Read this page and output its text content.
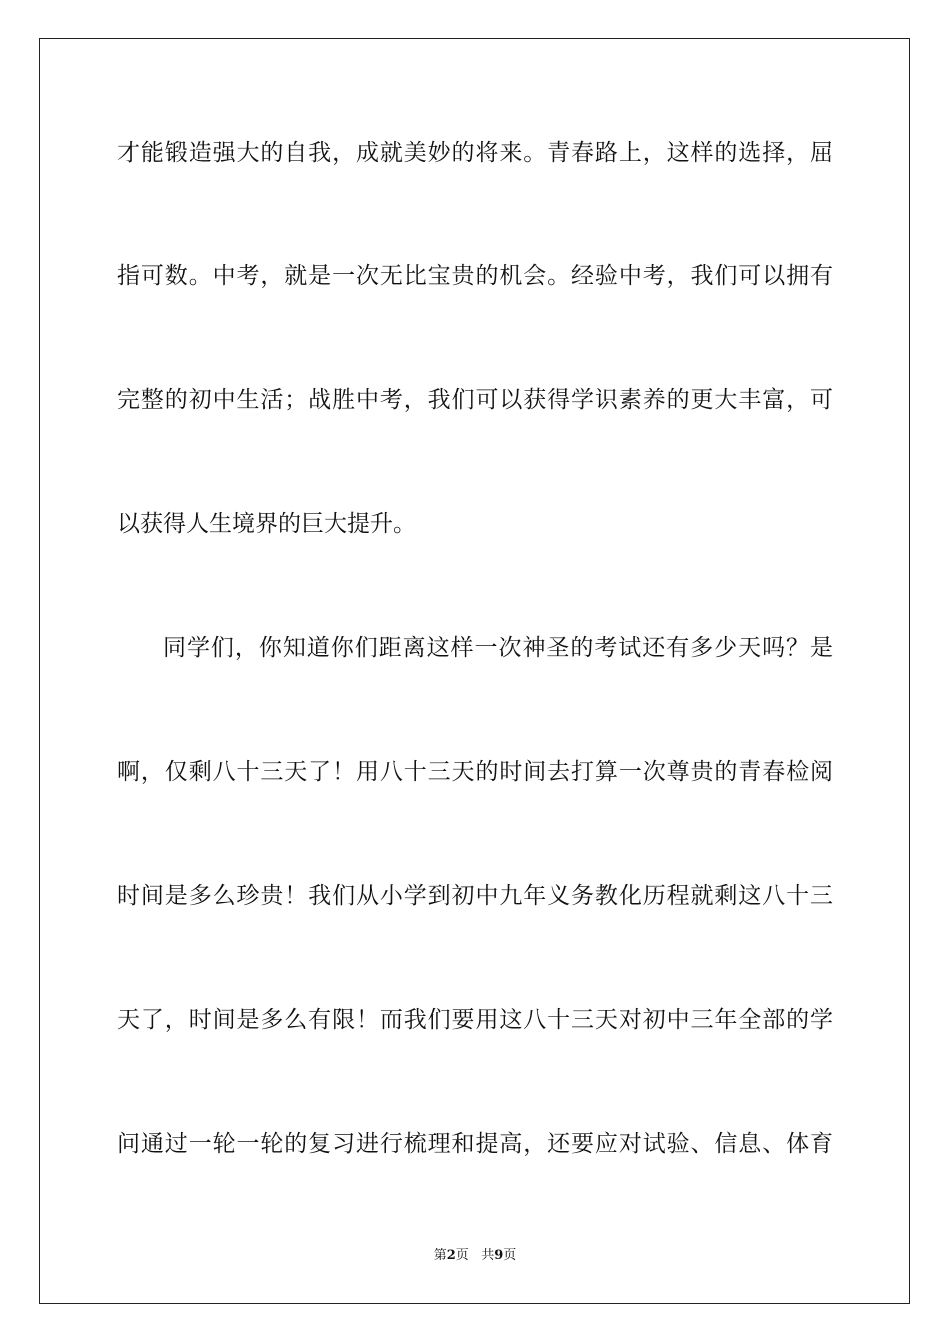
才能锻造强大的自我，成就美妙的将来。青春路上，这样的选择，屈
指可数。中考，就是一次无比宝贵的机会。经验中考，我们可以拥有
完整的初中生活；战胜中考，我们可以获得学识素养的更大丰富，可
以获得人生境界的巨大提升。
同学们，你知道你们距离这样一次神圣的考试还有多少天吗？是
啊，仅剩八十三天了！用八十三天的时间去打算一次尊贵的青春检阅
时间是多么珍贵！我们从小学到初中九年义务教化历程就剩这八十三
天了，时间是多么有限！而我们要用这八十三天对初中三年全部的学
问通过一轮一轮的复习进行梳理和提高，还要应对试验、信息、体育
第2页 共9页
